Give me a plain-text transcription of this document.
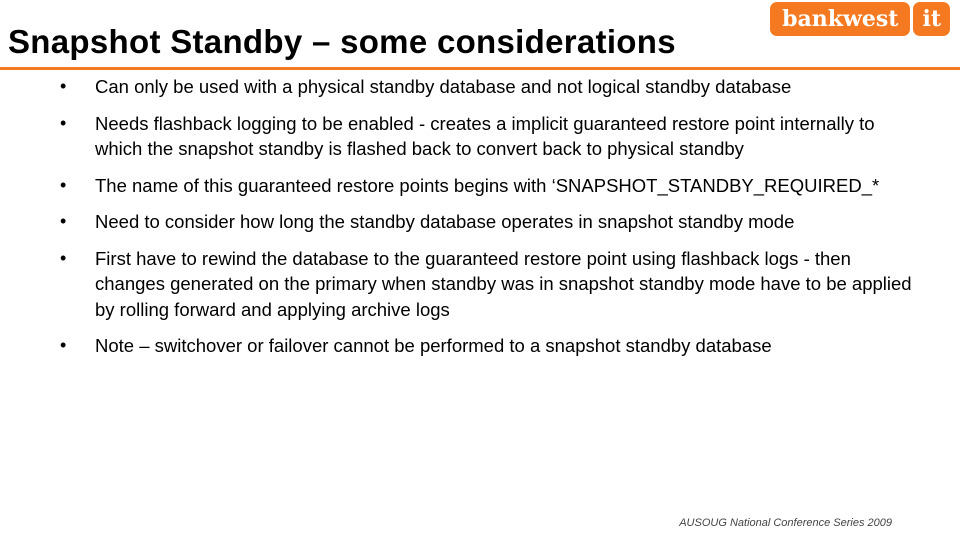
bankwest	it
Snapshot Standby – some considerations
• Can only be used with a physical standby database and not logical standby database
• Needs flashback logging to be enabled - creates a implicit guaranteed restore point internally to which the snapshot standby is flashed back to convert back to physical standby
• The name of this guaranteed restore points begins with ‘SNAPSHOT_STANDBY_REQUIRED_*
• Need to consider how long the standby database operates in snapshot standby mode
• First have to rewind the database to the guaranteed restore point using flashback logs - then changes generated on the primary when standby was in snapshot standby mode have to be applied by rolling forward and applying archive logs
• Note – switchover or failover cannot be performed to a snapshot standby database
AUSOUG National Conference Series 2009
